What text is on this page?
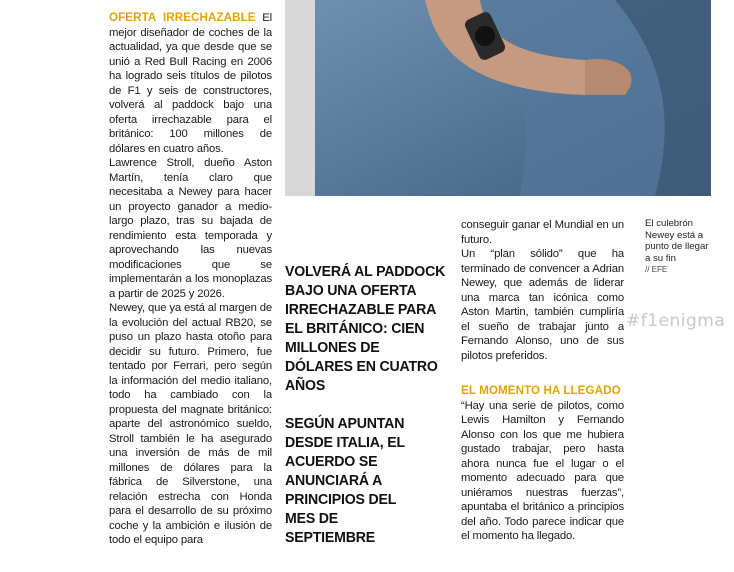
OFERTA IRRECHAZABLE El mejor diseñador de coches de la actualidad, ya que desde que se unió a Red Bull Racing en 2006 ha logrado seis títulos de pilotos de F1 y seis de constructores, volverá al paddock bajo una oferta irrechazable para el británico: 100 millones de dólares en cuatro años.

Lawrence Stroll, dueño Aston Martín, tenía claro que necesitaba a Newey para hacer un proyecto ganador a medio-largo plazo, tras su bajada de rendimiento esta temporada y aprovechando las nuevas modificaciones que se implementarán a los monoplazas a partir de 2025 y 2026.

Newey, que ya está al margen de la evolución del actual RB20, se puso un plazo hasta otoño para decidir su futuro. Primero, fue tentado por Ferrari, pero según la información del medio italiano, todo ha cambiado con la propuesta del magnate británico: aparte del astronómico sueldo, Stroll también le ha asegurado una inversión de más de mil millones de dólares para la fábrica de Silverstone, una relación estrecha con Honda para el desarrollo de su próximo coche y la ambición e ilusión de todo el equipo para

VOLVERÁ AL PADDOCK BAJO UNA OFERTA IRRECHAZABLE PARA EL BRITÁNICO: CIEN MILLONES DE DÓLARES EN CUATRO AÑOS
SEGÚN APUNTAN DESDE ITALIA, EL ACUERDO SE ANUNCIARÁ A PRINCIPIOS DEL MES DE SEPTIEMBRE

conseguir ganar el Mundial en un futuro.

Un “plan sólido” que ha terminado de convencer a Adrian Newey, que además de liderar una marca tan icónica como Aston Martin, también cumpliría el sueño de trabajar junto a Fernando Alonso, uno de sus pilotos preferidos.

EL MOMENTO HA LLEGADO
“Hay una serie de pilotos, como Lewis Hamilton y Fernando Alonso con los que me hubiera gustado trabajar, pero hasta ahora nunca fue el lugar o el momento adecuado para que uniéramos nuestras fuerzas”, apuntaba el británico a principios del año. Todo parece indicar que el momento ha llegado.

El culebrón Newey está a punto de llegar a su fin
// EFE
#f1enigma
